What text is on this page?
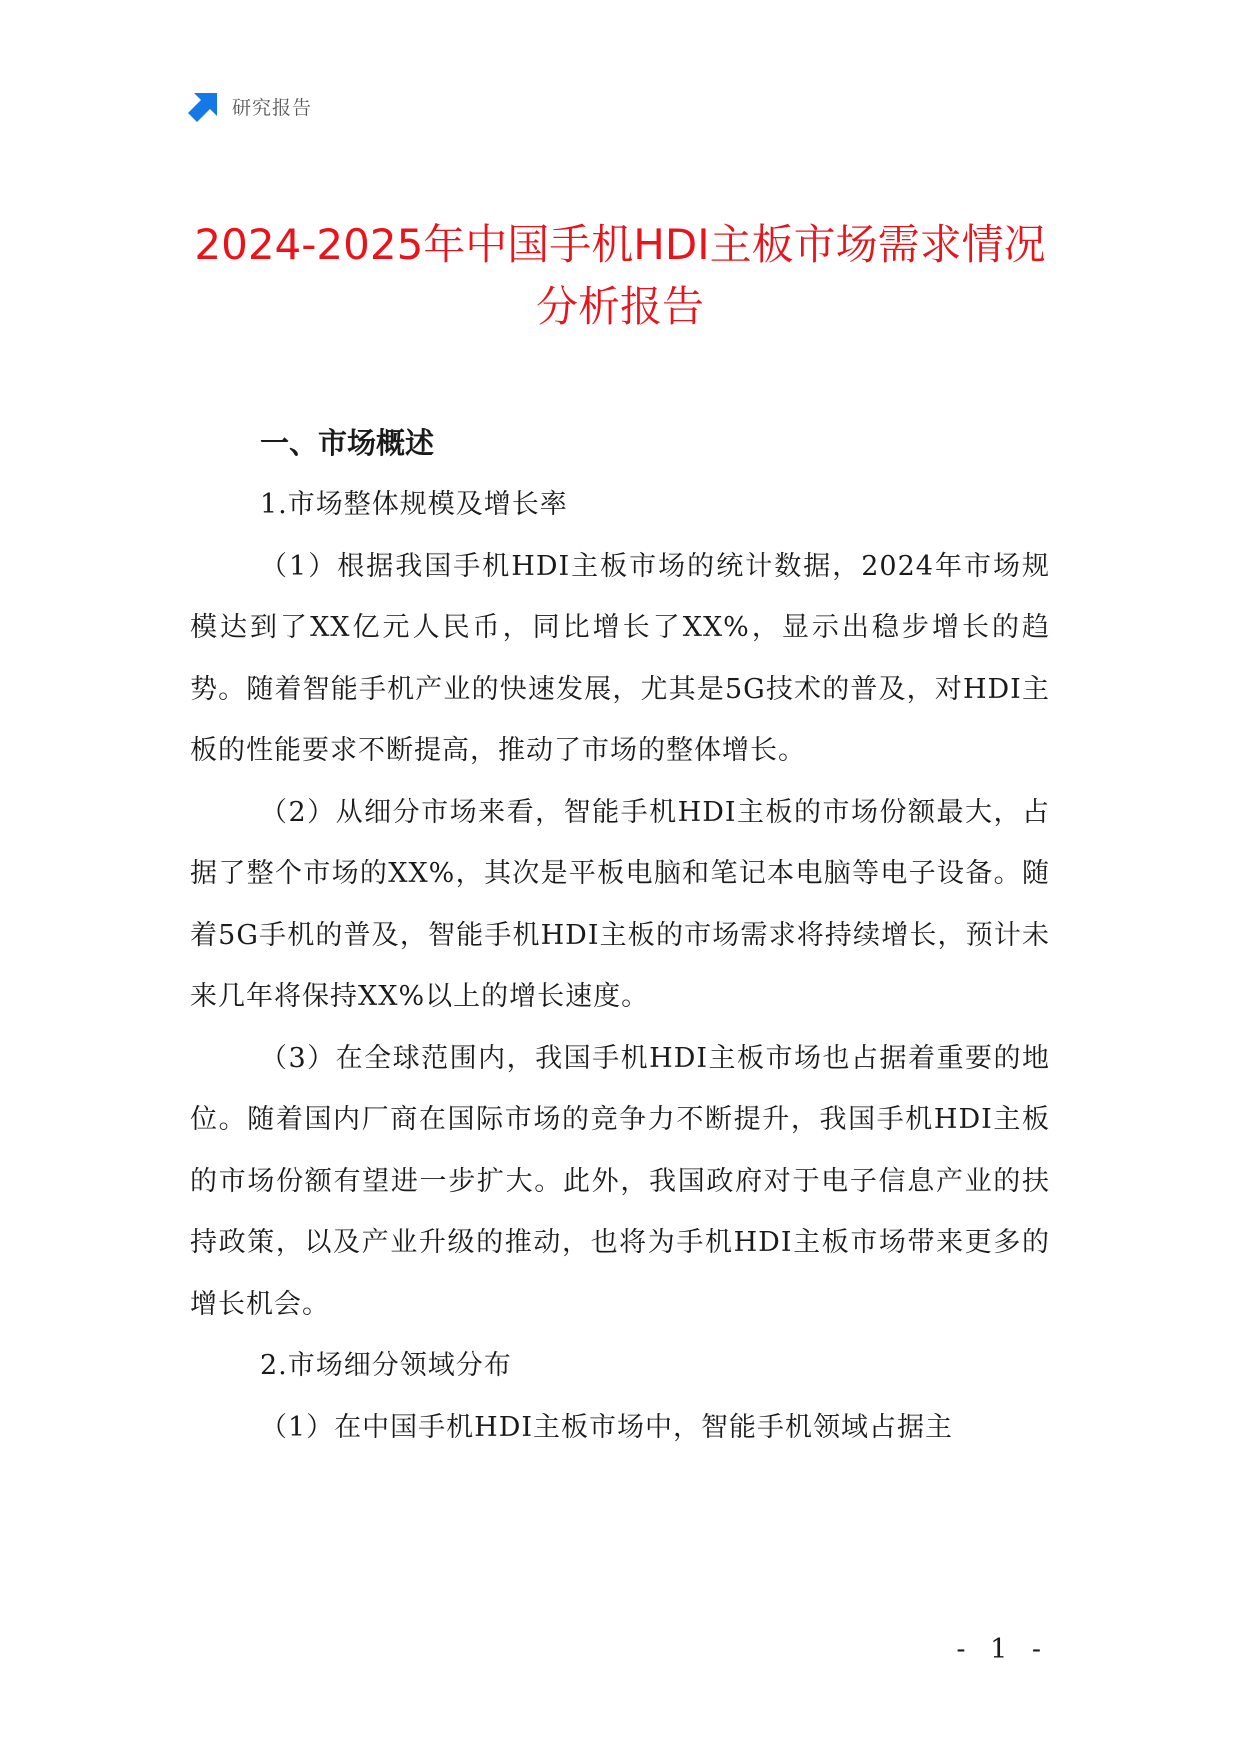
研究报告
2024-2025年中国手机HDI主板市场需求情况分析报告

一、市场概述

1.市场整体规模及增长率

（1）根据我国手机HDI主板市场的统计数据，2024年市场规模达到了XX亿元人民币，同比增长了XX%，显示出稳步增长的趋势。随着智能手机产业的快速发展，尤其是5G技术的普及，对HDI主板的性能要求不断提高，推动了市场的整体增长。

（2）从细分市场来看，智能手机HDI主板的市场份额最大，占据了整个市场的XX%，其次是平板电脑和笔记本电脑等电子设备。随着5G手机的普及，智能手机HDI主板的市场需求将持续增长，预计未来几年将保持XX%以上的增长速度。

（3）在全球范围内，我国手机HDI主板市场也占据着重要的地位。随着国内厂商在国际市场的竞争力不断提升，我国手机HDI主板的市场份额有望进一步扩大。此外，我国政府对于电子信息产业的扶持政策，以及产业升级的推动，也将为手机HDI主板市场带来更多的增长机会。

2.市场细分领域分布

（1）在中国手机HDI主板市场中，智能手机领域占据主

- 1 -
